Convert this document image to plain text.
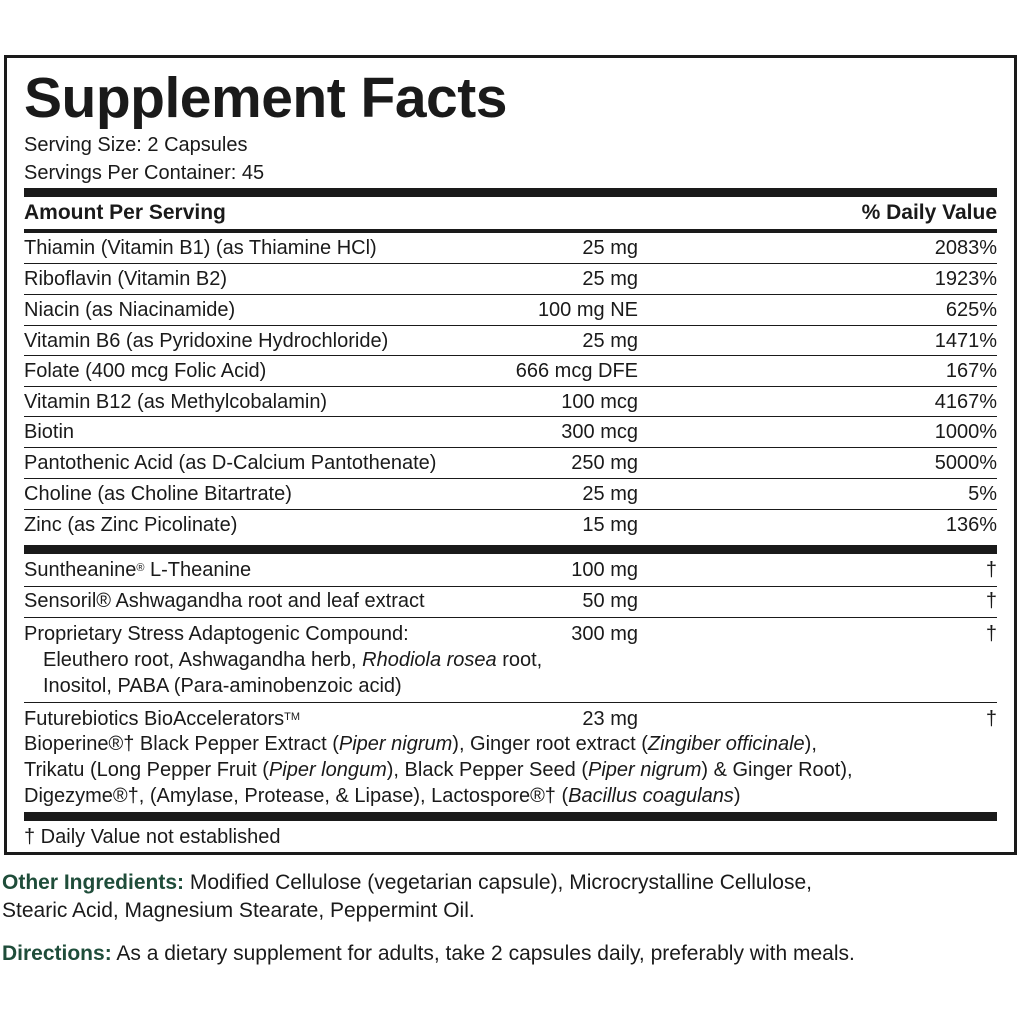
Supplement Facts
Serving Size: 2 Capsules
Servings Per Container: 45
Amount Per Serving	% Daily Value
Thiamin (Vitamin B1) (as Thiamine HCl)	25 mg	2083%
Riboflavin (Vitamin B2)	25 mg	1923%
Niacin (as Niacinamide)	100 mg NE	625%
Vitamin B6 (as Pyridoxine Hydrochloride)	25 mg	1471%
Folate (400 mcg Folic Acid)	666 mcg DFE	167%
Vitamin B12 (as Methylcobalamin)	100 mcg	4167%
Biotin	300 mcg	1000%
Pantothenic Acid (as D-Calcium Pantothenate)	250 mg	5000%
Choline (as Choline Bitartrate)	25 mg	5%
Zinc (as Zinc Picolinate)	15 mg	136%
Suntheanine® L-Theanine	100 mg	†
Sensoril® Ashwagandha root and leaf extract	50 mg	†
Proprietary Stress Adaptogenic Compound:	300 mg	†
Eleuthero root, Ashwagandha herb, Rhodiola rosea root,
Inositol, PABA (Para-aminobenzoic acid)
Futurebiotics BioAccelerators™	23 mg	†
Bioperine®† Black Pepper Extract (Piper nigrum), Ginger root extract (Zingiber officinale),
Trikatu (Long Pepper Fruit (Piper longum), Black Pepper Seed (Piper nigrum) & Ginger Root),
Digezyme®†, (Amylase, Protease, & Lipase), Lactospore®† (Bacillus coagulans)
† Daily Value not established
Other Ingredients: Modified Cellulose (vegetarian capsule), Microcrystalline Cellulose,
Stearic Acid, Magnesium Stearate, Peppermint Oil.
Directions: As a dietary supplement for adults, take 2 capsules daily, preferably with meals.
